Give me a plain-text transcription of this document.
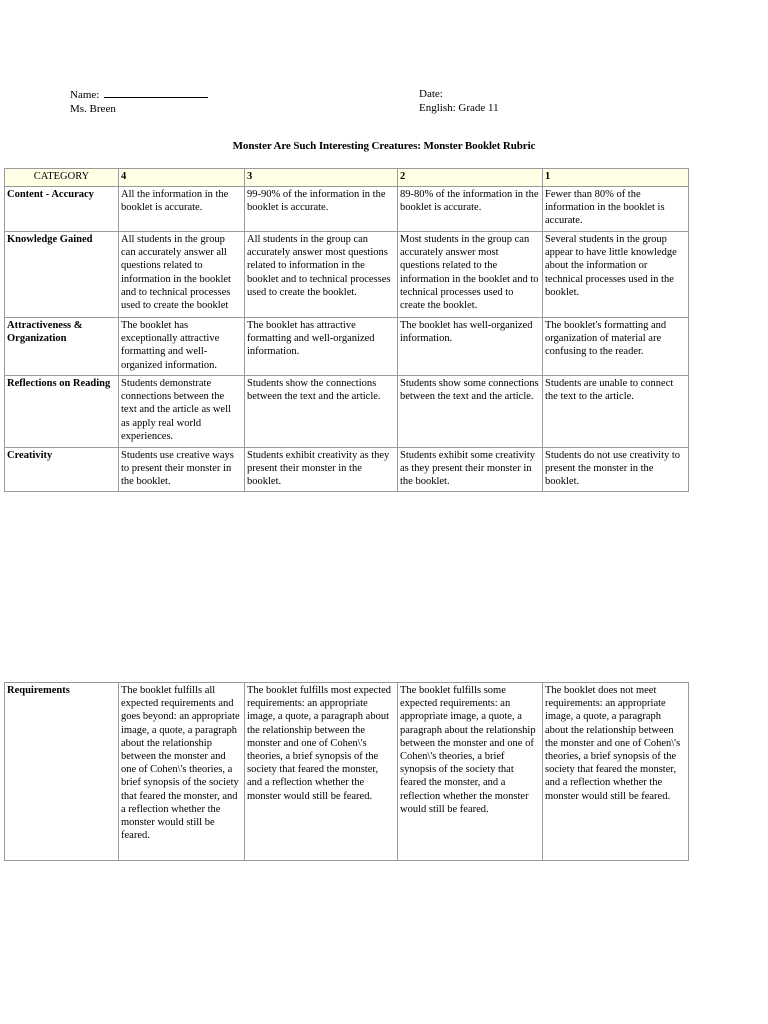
Name:
Ms. Breen
Date:
English: Grade 11
Monster Are Such Interesting Creatures: Monster Booklet Rubric
CATEGORY	4	3	2	1
Content - Accuracy	All the information in the booklet is accurate.	99-90% of the information in the booklet is accurate.	89-80% of the information in the booklet is accurate.	Fewer than 80% of the information in the booklet is accurate.
Knowledge Gained	All students in the group can accurately answer all questions related to information in the booklet and to technical processes used to create the booklet	All students in the group can accurately answer most questions related to information in the booklet and to technical processes used to create the booklet.	Most students in the group can accurately answer most questions related to the information in the booklet and to technical processes used to create the booklet.	Several students in the group appear to have little knowledge about the information or technical processes used in the booklet.
Attractiveness & Organization	The booklet has exceptionally attractive formatting and well-organized information.	The booklet has attractive formatting and well-organized information.	The booklet has well-organized information.	The booklet's formatting and organization of material are confusing to the reader.
Reflections on Reading	Students demonstrate connections between the text and the article as well as apply real world experiences.	Students show the connections between the text and the article.	Students show some connections between the text and the article.	Students are unable to connect the text to the article.
Creativity	Students use creative ways to present their monster in the booklet.	Students exhibit creativity as they present their monster in the booklet.	Students exhibit some creativity as they present their monster in the booklet.	Students do not use creativity to present the monster in the booklet.
Requirements	The booklet fulfills all expected requirements and goes beyond: an appropriate image, a quote, a paragraph about the relationship between the monster and one of Cohen\'s theories, a brief synopsis of the society that feared the monster, and a reflection whether the monster would still be feared.	The booklet fulfills most expected requirements: an appropriate image, a quote, a paragraph about the relationship between the monster and one of Cohen\'s theories, a brief synopsis of the society that feared the monster, and a reflection whether the monster would still be feared.	The booklet fulfills some expected requirements: an appropriate image, a quote, a paragraph about the relationship between the monster and one of Cohen\'s theories, a brief synopsis of the society that feared the monster, and a reflection whether the monster would still be feared.	The booklet does not meet requirements: an appropriate image, a quote, a paragraph about the relationship between the monster and one of Cohen\'s theories, a brief synopsis of the society that feared the monster, and a reflection whether the monster would still be feared.
